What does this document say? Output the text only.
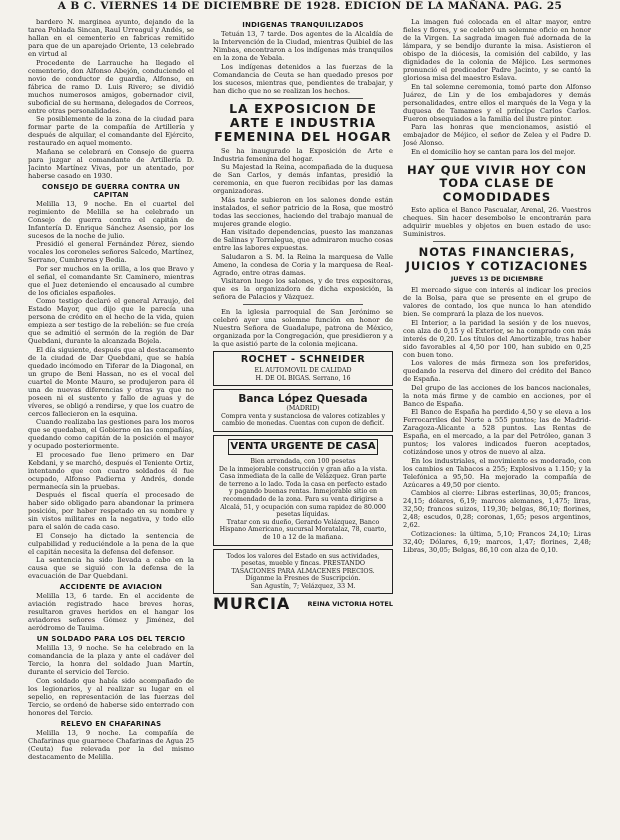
A B C. VIERNES 14 DE DICIEMBRE DE 1928. EDICION DE LA MAÑANA. PAG. 25

bardero N. marginea ayunto, dejando de la tarea Poblada Sincan, Raul Urreagul y Andés, se hallan en el cementerio en fabricas remitido para que de un aparejado Oriente, 13 celebrado en virtud al

Procedente de Larrauche ha llegado el cementerio, don Alfonso Abejón, conduciendo el novio de conductor de guardia, Alfonso, en fábrica de ramo D. Luis Rivero; se dividió muchos numerosos amigos, gobernador civil, suboficial de su hermana, delegados de Correos, entre otras personalidades.

Se posiblemente de la zona de la ciudad para formar parte de la compañía de Artillería y después de alquilar, el comandante del Ejército, restaurado en aquel momento.

Mañana se celebrará en Consejo de guerra para juzgar al comandante de Artillería D. Jacinto Martínez Vivas, por un atentado, por haberse casado en 1930.

CONSEJO DE GUERRA CONTRA UN CAPITAN

Melilla 13, 9 noche. En el cuartel del regimiento de Melilla se ha celebrado un Consejo de guerra contra el capitán de Infantería D. Enrique Sánchez Asensio, por los sucesos de la noche de julio.

Presidió el general Fernández Pérez, siendo vocales los coroneles señores Salcedo, Martínez, Serrano, Cumbreras y Bedia.

Por ser muchos en la orilla, a los que Bravo y el señal, el comandante Sr. Caminero, mientras que el Juez deteniendo el encausado al cumbre de los oficiales españoles.

Como testigo declaró el general Arraujo, del Estado Mayor, que dijo que le parecía una persona de crédito en el hecho de la vida, quien empieza a ser testigo de la rebelión: se fue creía que se admitió el sermón de la región de Dar Quebdani, durante la alcanzada Bojela.

El día siguiente, después que al destacamento de la ciudad de Dar Quebdani, que se había quedado incómodo en Tiferar de la Diagonal, en un grupo de Beni Hassan, no es el vocal del cuartel de Monte Mauro, se produjeron para él una de nuevas diferencias y otras ya que no poseen ni el sustento y fallo de aguas y de víveres, se obligó a rendirse, y que los cuatro de cercos fallecieron en la esquina.

Cuando realizaba las gestiones para los moros que se quedaban, el Gobierno en las compañías, quedando como capitán de la posición el mayor y ocupado posteriormente.

El procesado fue lleno primero en Dar Kebdani, y se marchó, después el Teniente Ortiz, intentando que con cuatro soldados él fue ocupado, Alfonso Padierna y Andrés, donde permanecía sin la pruebas.

Después el fiscal quería el procesado de haber sido obligado para abandonar la primera posición, por haber respetado en su nombre y sin vistos militares en la negativa, y todo ello para el salón de cada caso.

El Consejo ha dictado la sentencia de culpabilidad y reduciéndole a la pena de la que el capitán necesita la defensa del defensor.

La sentencia ha sido llevada a cabo en la causa que se siguió con la defensa de la evacuación de Dar Quebdani.

ACCIDENTE DE AVIACION

Melilla 13, 6 tarde. En el accidente de aviación registrado hace breves horas, resultaron graves heridos en el hangar los aviadores señores Gómez y Jiménez, del aeródromo de Tauima.

UN SOLDADO PARA LOS DEL TERCIO

Melilla 13, 9 noche. Se ha celebrado en la comandancia de la plaza y ante el cadáver del Tercio, la honra del soldado Juan Martín, durante el servicio del Tercio.

Con soldado que había sido acompañado de los legionarios, y al realizar su lugar en el sepelio, en representación de las fuerzas del Tercio, se ordenó de haberse sido enterrado con honores del Tercio.

RELEVO EN CHAFARINAS

Melilla 13, 9 noche. La compañía de Chafarinas que guarnece Chafarinas de Agua 25 (Ceuta) fue relevada por la del mismo destacamento de Melilla.

INDIGENAS TRANQUILIZADOS

Tetuán 13, 7 tarde. Dos agentes de la Alcaldía de la Intervención de la Ciudad, mientras Quibiel de las Nimbas, encontraron a los indígenas más tranquilos en la zona de Yebala.

Los indígenas detenidos a las fuerzas de la Comandancia de Ceuta se han quedado presos por los sucesos, mientras que, pendientes de trabajar, y han dicho que no se realizan los hechos.

LA EXPOSICION DE ARTE E INDUSTRIA FEMENINA DEL HOGAR

Se ha inaugurado la Exposición de Arte e Industria femenina del hogar.

Su Majestad la Reina, acompañada de la duquesa de San Carlos, y demás infantas, presidió la ceremonia, en que fueron recibidas por las damas organizadoras.

Más tarde subieron en los salones donde están instalados, el señor patricio de la Rosa, que mostró todas las secciones, haciendo del trabajo manual de mujeres grande elogio.

Han visitado dependencias, puesto las manzanas de Salinas y Torralegua, que admiraron mucho cosas entre las labores expuestas.

Saludaron a S. M. la Reina la marquesa de Valle Ameno, la condesa de Coria y la marquesa de Real-Agrado, entre otras damas.

Visitaron luego los salones, y de tres expositoras, que es la organizadora de dicha exposición, la señora de Palacios y Vázquez.

En la iglesia parroquial de San Jerónimo se celebró ayer una solemne función en honor de Nuestra Señora de Guadalupe, patrona de México, organizada por la Congregación, que presidieron y a la que asistió parte de la colonia mejicana.

ROCHET - SCHNEIDER
EL AUTOMOVIL DE CALIDAD
H. DE OL BIGAS. Serrano, 16
Banca López Quesada
(MADRID)
Compra venta y sustanciosa de valores cotizables y cambio de monedas. Cuentas con cupon de deficit.
VENTA URGENTE DE CASA
Bien arrendada, con 100 pesetas
De la inmejorable construcción y gran año a la vista. Casa inmediata de la calle de Velázquez. Gran parte de terreno a lo lado. Toda la casa en perfecto estado y pagando buenas rentas. Inmejorable sitio en recomendado de la zona. Para su venta dirigirse a Alcalá, 51, y ocupación con suma rapidez de 80.000 pesetas líquidas.
Tratar con su dueño, Gerardo Velázquez, Banco Hispano Americano, sucursal Moratalaz, 78, cuarto, de 10 a 12 de la mañana.
Todos los valores del Estado en sus actividades, pesetas, mueble y fincas. PRESTANDO TASACIONES PARA ALMACENES PRECIOS. Díganme la Fresnes de Suscripción.
San Agustín, 7; Velázquez, 33 M.
MURCIA	REINA VICTORIA HOTEL

La imagen fué colocada en el altar mayor, entre fieles y flores, y se celebró un solemne oficio en honor de la Virgen. La sagrada imagen fué adornada de la lámpara, y se bendijo durante la misa. Asistieron el obispo de la diócesis, la comisión del cabildo, y las dignidades de la colonia de Méjico. Les sermones pronunció el predicador Padre Jacinto, y se cantó la gloriosa misa del maestro Eslava.

En tal solemne ceremonia, tomó parte don Alfonso Juárez, de Lin y de los embajadores y demás personalidades, entre ellos el marqués de la Vega y la duquesa de Tamames y el príncipe Carlos Carlos. Fueron obsequiados a la familia del ilustre pintor.

Para las honras que mencionamos, asistió el embajador de Méjico, el señor de Zelea y el Padre D. José Alonso.

En el domicilio hoy se cantan para los del mejor.

HAY QUE VIVIR HOY CON TODA CLASE DE COMODIDADES

Esto aplica el Banco Pascualar, Arenal, 26. Vuestros cheques. Sin hacer desembolso le encontrarán para adquirir muebles y objetos en buen estado de uso: Suministros.

NOTAS FINANCIERAS, JUICIOS Y COTIZACIONES
JUEVES 13 DE DICIEMBRE

El mercado sigue con interés al indicar los precios de la Bolsa, para que se presente en el grupo de valores de contado, los que nunca lo han atendido bien. Se comprará la plaza de los nuevos.

El Interior, a la paridad la sesión y de los nuevos, con alza de 0,15 y el Exterior, se ha comprado con más interés de 0,20. Los títulos del Amortizable, tras haber sido favorables al 4,50 por 100, han subido en 0,25 con buen tono.

Los valores de más firmeza son los preferidos, quedando la reserva del dinero del crédito del Banco de España.

Del grupo de las acciones de los bancos nacionales, la nota más firme y de cambio en acciones, por el Banco de España.

El Banco de España ha perdido 4,50 y se eleva a los Ferrocarriles del Norte a 555 puntos; las de Madrid-Zaragoza-Alicante a 528 puntos. Las Rentas de España, en el mercado, a la par del Petróleo, ganan 3 puntos; los valores indicados fueron aceptados, cotizándose unos y otros de nuevo al alza.

En los industriales, el movimiento es moderado, con los cambios en Tabacos a 255; Explosivos a 1.150; y la Telefónica a 95,50. Ha mejorado la compañía de Azúcares a 49,50 por ciento.

Cambios al cierre: Libras esterlinas, 30,05; francos, 24,15; dólares, 6,19; marcos alemanes, 1,475; liras, 32,50; francos suizos, 119,30; belgas, 86,10; florines, 2,48; escudos, 0,28; coronas, 1,65; pesos argentinos, 2,62.

Cotizaciones: la última, 5,10; Francos 24,10; Liras 32,40; Dólares, 6,19; marcos, 1,47; florines, 2,48; Libras, 30,05; Belgas, 86,10 con alza de 0,10.
